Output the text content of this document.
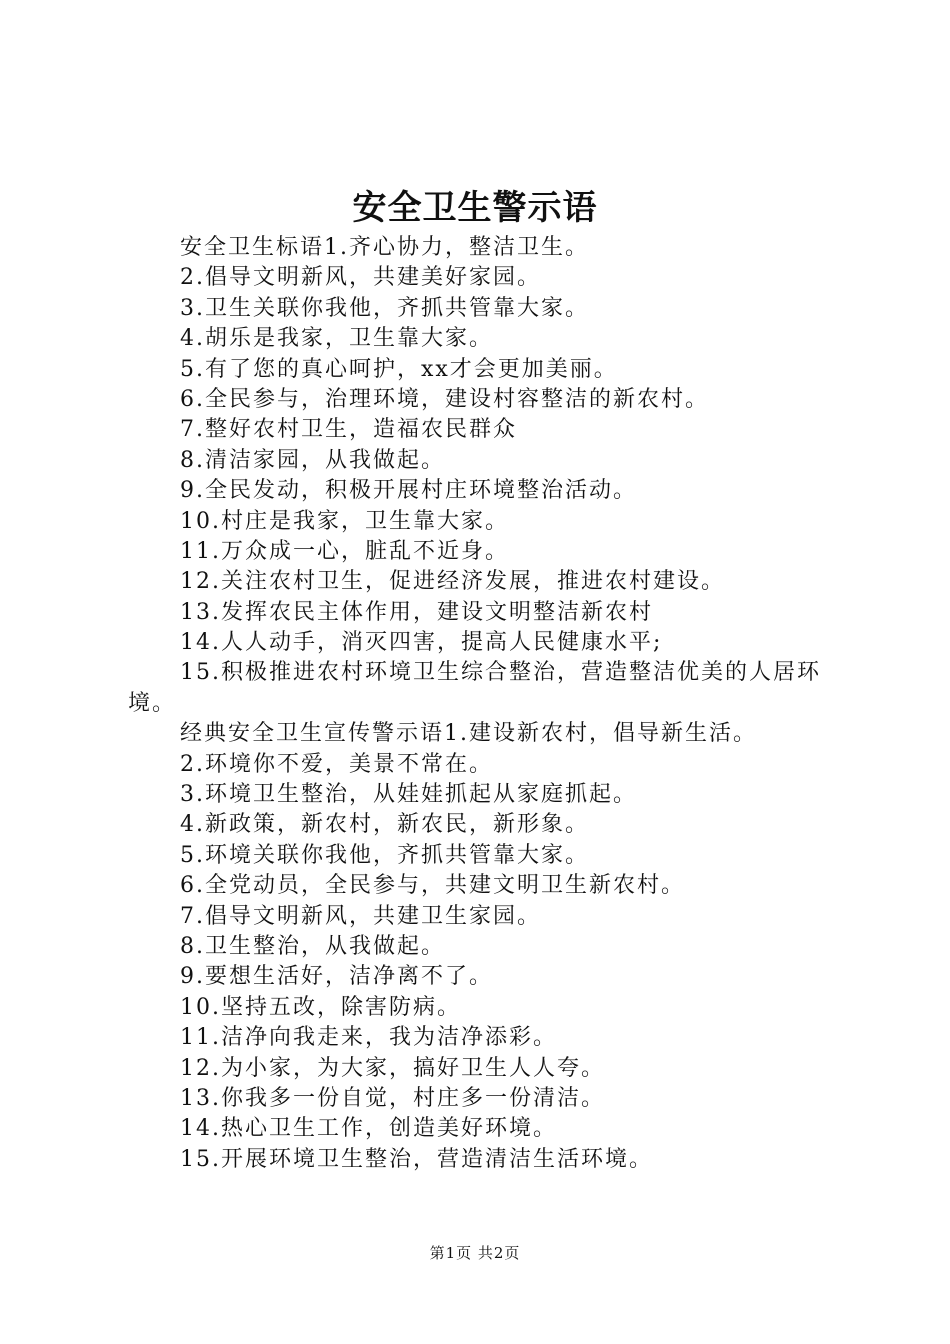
安全卫生警示语
安全卫生标语1.齐心协力，整洁卫生。
2.倡导文明新风，共建美好家园。
3.卫生关联你我他，齐抓共管靠大家。
4.胡乐是我家，卫生靠大家。
5.有了您的真心呵护，xx才会更加美丽。
6.全民参与，治理环境，建设村容整洁的新农村。
7.整好农村卫生，造福农民群众
8.清洁家园，从我做起。
9.全民发动，积极开展村庄环境整治活动。
10.村庄是我家，卫生靠大家。
11.万众成一心，脏乱不近身。
12.关注农村卫生，促进经济发展，推进农村建设。
13.发挥农民主体作用，建设文明整洁新农村
14.人人动手，消灭四害，提高人民健康水平;
15.积极推进农村环境卫生综合整治，营造整洁优美的人居环境。
经典安全卫生宣传警示语1.建设新农村，倡导新生活。
2.环境你不爱，美景不常在。
3.环境卫生整治，从娃娃抓起从家庭抓起。
4.新政策，新农村，新农民，新形象。
5.环境关联你我他，齐抓共管靠大家。
6.全党动员，全民参与，共建文明卫生新农村。
7.倡导文明新风，共建卫生家园。
8.卫生整治，从我做起。
9.要想生活好，洁净离不了。
10.坚持五改，除害防病。
11.洁净向我走来，我为洁净添彩。
12.为小家，为大家，搞好卫生人人夸。
13.你我多一份自觉，村庄多一份清洁。
14.热心卫生工作，创造美好环境。
15.开展环境卫生整治，营造清洁生活环境。
第1页 共2页
